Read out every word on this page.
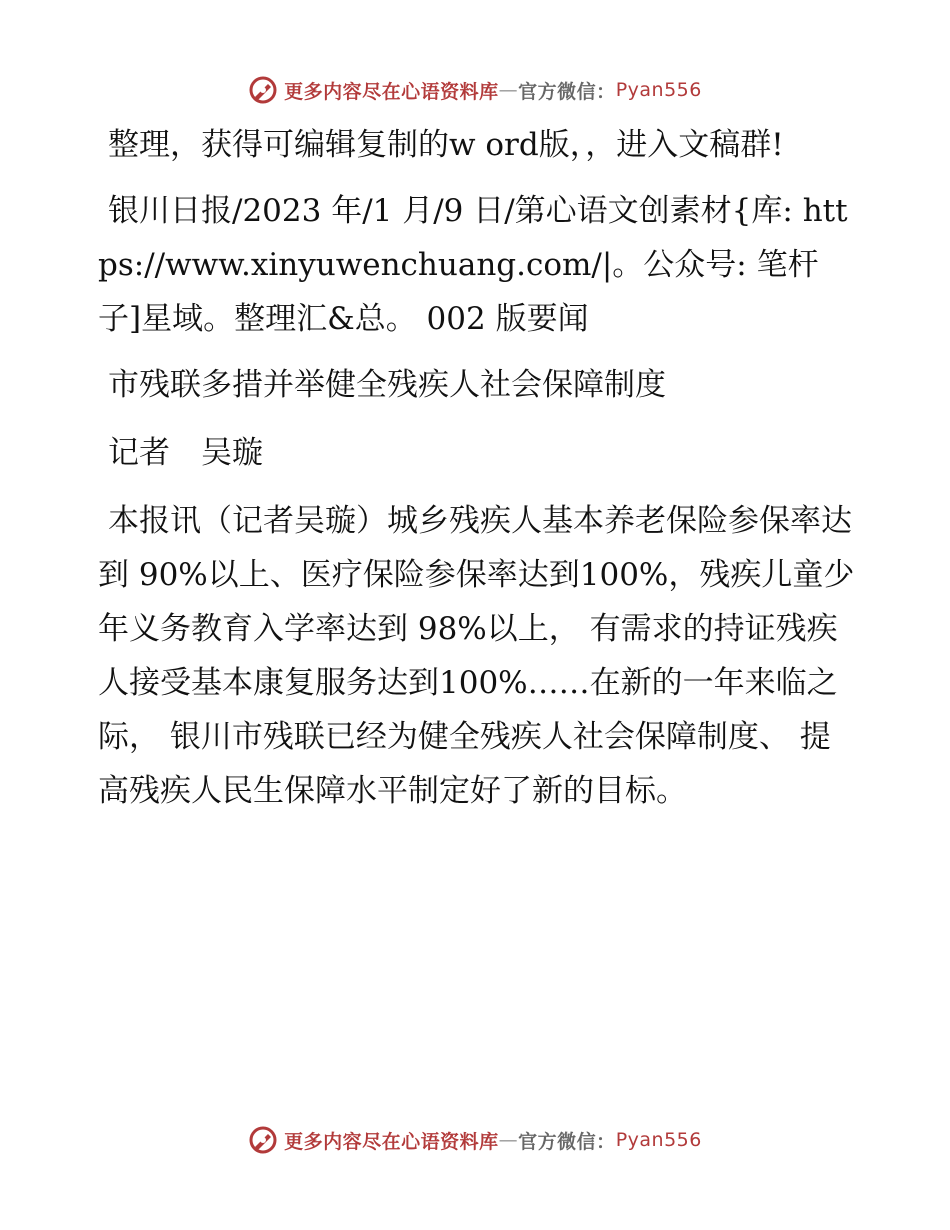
更多内容尽在心语资料库 — 官方微信： Pyan556

整理，获得可编辑复制的w ord版，，进入文稿群!

银川日报/2023 年/1 月/9 日/第心语文创素材{库: https://www.xinyuwenchuang.com/|。公众号: 笔杆子]星域。整理汇&总。 002 版要闻

市残联多措并举健全残疾人社会保障制度

记者　吴璇

本报讯（记者吴璇）城乡残疾人基本养老保险参保率达到 90%以上、医疗保险参保率达到100%，残疾儿童少年义务教育入学率达到 98%以上， 有需求的持证残疾人接受基本康复服务达到100%……在新的一年来临之际， 银川市残联已经为健全残疾人社会保障制度、 提高残疾人民生保障水平制定好了新的目标。

更多内容尽在心语资料库 — 官方微信： Pyan556
